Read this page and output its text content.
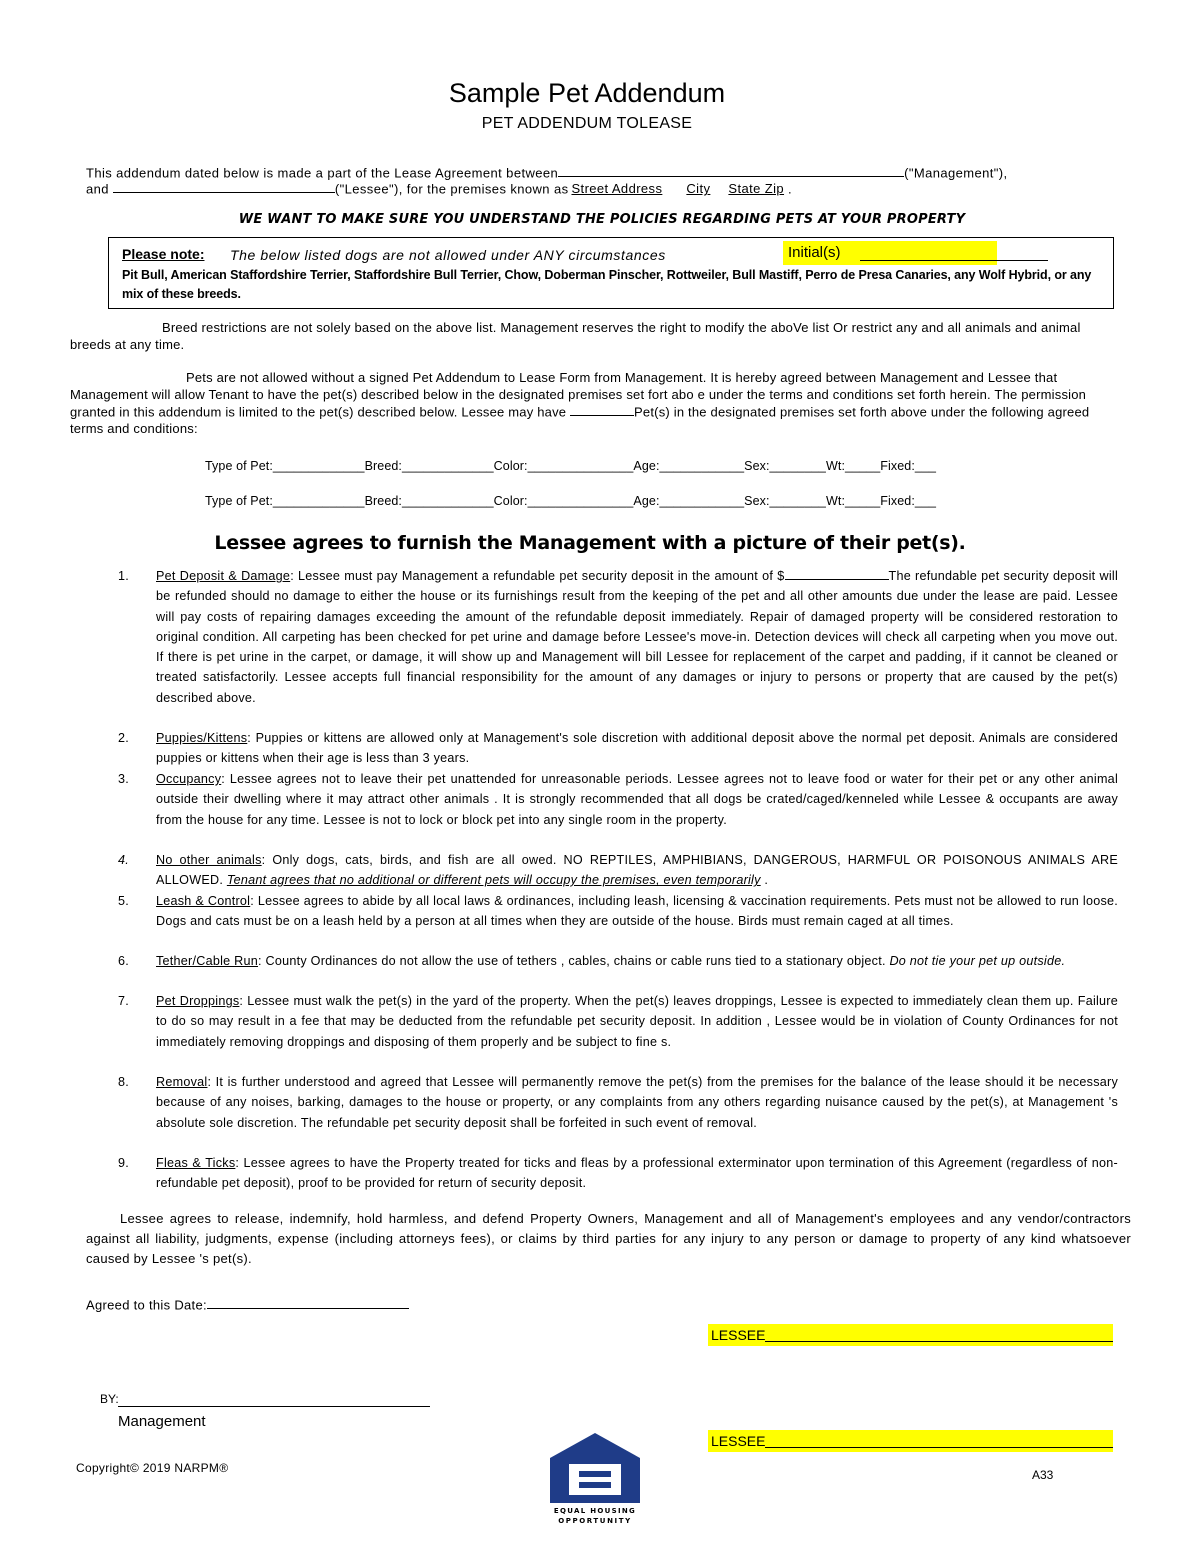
Sample Pet Addendum
PET ADDENDUM TOLEASE
This addendum dated below is made a part of the Lease Agreement between	("Management"),
and	("Lessee"), for the premises known as Street Address City State Zip .
WE WANT TO MAKE SURE YOU UNDERSTAND THE POLICIES REGARDING PETS AT YOUR PROPERTY
Please note: The below listed dogs are not allowed under ANY circumstances	Initial(s)
Pit Bull, American Staffordshire Terrier, Staffordshire Bull Terrier, Chow, Doberman Pinscher, Rottweiler, Bull Mastiff, Perro de Presa Canaries, any Wolf Hybrid, or any mix of these breeds.
Breed restrictions are not solely based on the above list. Management reserves the right to modify the aboVe list Or restrict any and all animals and animal breeds at any time.
Pets are not allowed without a signed Pet Addendum to Lease Form from Management. It is hereby agreed between Management and Lessee that Management will allow Tenant to have the pet(s) described below in the designated premises set fort abo e under the terms and conditions set forth herein. The permission granted in this addendum is limited to the pet(s) described below. Lessee may have	Pet(s) in the designated premises set forth above under the following agreed terms and conditions:
Type of Pet:_____________Breed:_____________Color:_______________Age:____________Sex:________Wt:_____Fixed:___
Type of Pet:_____________Breed:_____________Color:_______________Age:____________Sex:________Wt:_____Fixed:___
Lessee agrees to furnish the Management with a picture of their pet(s).
1.	Pet Deposit & Damage: Lessee must pay Management a refundable pet security deposit in the amount of $	The refundable pet security deposit will be refunded should no damage to either the house or its furnishings result from the keeping of the pet and all other amounts due under the lease are paid. Lessee will pay costs of repairing damages exceeding the amount of the refundable deposit immediately. Repair of damaged property will be considered restoration to original condition. All carpeting has been checked for pet urine and damage before Lessee's move-in. Detection devices will check all carpeting when you move out. If there is pet urine in the carpet, or damage, it will show up and Management will bill Lessee for replacement of the carpet and padding, if it cannot be cleaned or treated satisfactorily. Lessee accepts full financial responsibility for the amount of any damages or injury to persons or property that are caused by the pet(s) described above.
2.	Puppies/Kittens: Puppies or kittens are allowed only at Management's sole discretion with additional deposit above the normal pet deposit. Animals are considered puppies or kittens when their age is less than 3 years.
3.	Occupancy: Lessee agrees not to leave their pet unattended for unreasonable periods. Lessee agrees not to leave food or water for their pet or any other animal outside their dwelling where it may attract other animals . It is strongly recommended that all dogs be crated/caged/kenneled while Lessee & occupants are away from the house for any time. Lessee is not to lock or block pet into any single room in the property.
4.	No other animals: Only dogs, cats, birds, and fish are all owed. NO REPTILES, AMPHIBIANS, DANGEROUS, HARMFUL OR POISONOUS ANIMALS ARE ALLOWED. Tenant agrees that no additional or different pets will occupy the premises, even temporarily .
5.	Leash & Control: Lessee agrees to abide by all local laws & ordinances, including leash, licensing & vaccination requirements. Pets must not be allowed to run loose. Dogs and cats must be on a leash held by a person at all times when they are outside of the house. Birds must remain caged at all times.
6.	Tether/Cable Run: County Ordinances do not allow the use of tethers , cables, chains or cable runs tied to a stationary object. Do not tie your pet up outside.
7.	Pet Droppings: Lessee must walk the pet(s) in the yard of the property. When the pet(s) leaves droppings, Lessee is expected to immediately clean them up. Failure to do so may result in a fee that may be deducted from the refundable pet security deposit. In addition , Lessee would be in violation of County Ordinances for not immediately removing droppings and disposing of them properly and be subject to fine s.
8.	Removal: It is further understood and agreed that Lessee will permanently remove the pet(s) from the premises for the balance of the lease should it be necessary because of any noises, barking, damages to the house or property, or any complaints from any others regarding nuisance caused by the pet(s), at Management 's absolute sole discretion. The refundable pet security deposit shall be forfeited in such event of removal.
9.	Fleas & Ticks: Lessee agrees to have the Property treated for ticks and fleas by a professional exterminator upon termination of this Agreement (regardless of non-refundable pet deposit), proof to be provided for return of security deposit.
Lessee agrees to release, indemnify, hold harmless, and defend Property Owners, Management and all of Management's employees and any vendor/contractors against all liability, judgments, expense (including attorneys fees), or claims by third parties for any injury to any person or damage to property of any kind whatsoever caused by Lessee 's pet(s).
Agreed to this Date:
LESSEE
LESSEE
BY:
Management
Copyright© 2019 NARPM®	A33
EQUAL HOUSING
OPPORTUNITY
